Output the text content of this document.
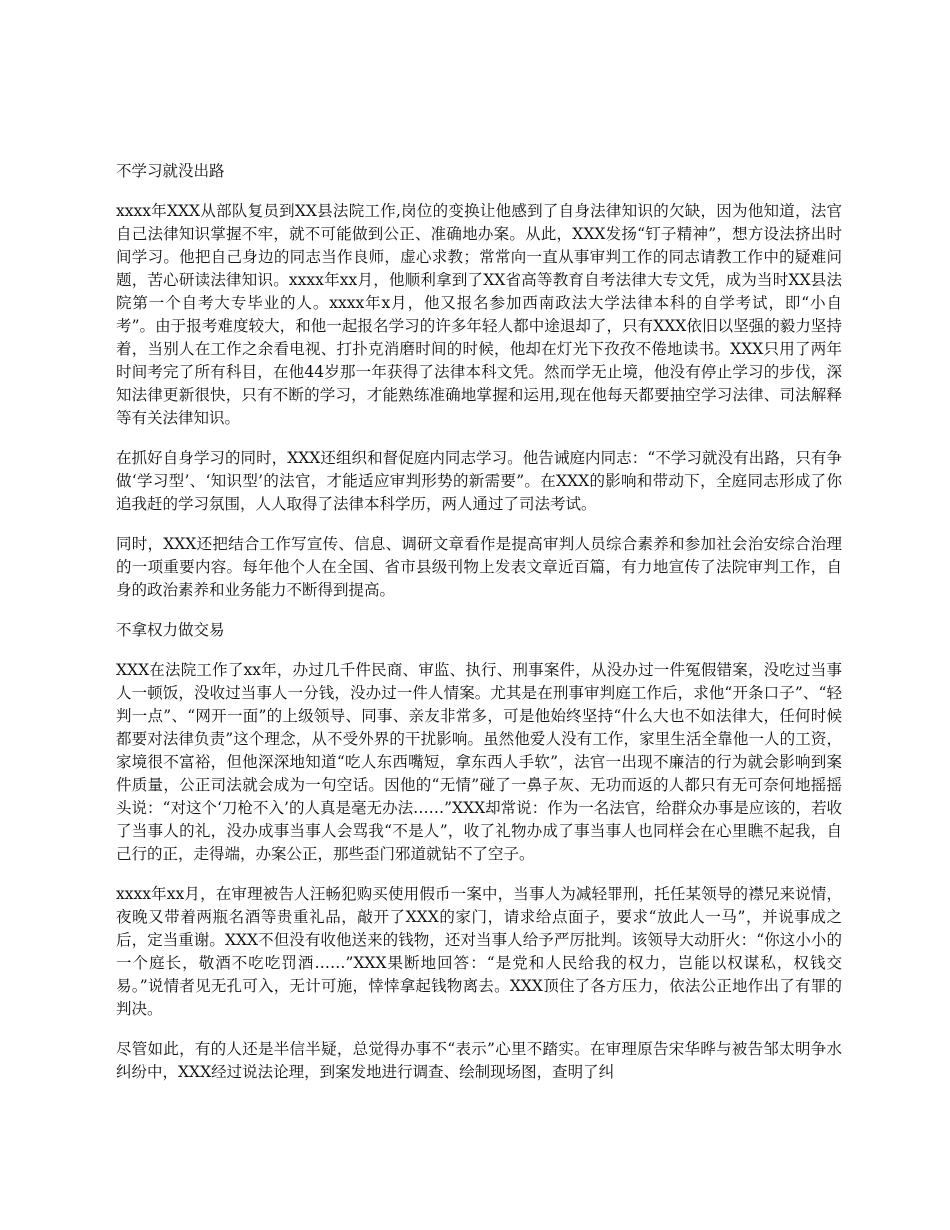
不学习就没出路

xxxx年XXX从部队复员到XX县法院工作,岗位的变换让他感到了自身法律知识的欠缺，因为他知道，法官自己法律知识掌握不牢，就不可能做到公正、准确地办案。从此，XXX发扬“钉子精神”，想方设法挤出时间学习。他把自己身边的同志当作良师，虚心求教；常常向一直从事审判工作的同志请教工作中的疑难问题，苦心研读法律知识。xxxx年xx月，他顺利拿到了XX省高等教育自考法律大专文凭，成为当时XX县法院第一个自考大专毕业的人。xxxx年x月，他又报名参加西南政法大学法律本科的自学考试，即“小自考”。由于报考难度较大，和他一起报名学习的许多年轻人都中途退却了，只有XXX依旧以坚强的毅力坚持着，当别人在工作之余看电视、打扑克消磨时间的时候，他却在灯光下孜孜不倦地读书。XXX只用了两年时间考完了所有科目，在他44岁那一年获得了法律本科文凭。然而学无止境，他没有停止学习的步伐，深知法律更新很快，只有不断的学习，才能熟练准确地掌握和运用,现在他每天都要抽空学习法律、司法解释等有关法律知识。

在抓好自身学习的同时，XXX还组织和督促庭内同志学习。他告诫庭内同志：“不学习就没有出路，只有争做‘学习型’、‘知识型’的法官，才能适应审判形势的新需要”。在XXX的影响和带动下，全庭同志形成了你追我赶的学习氛围，人人取得了法律本科学历，两人通过了司法考试。

同时，XXX还把结合工作写宣传、信息、调研文章看作是提高审判人员综合素养和参加社会治安综合治理的一项重要内容。每年他个人在全国、省市县级刊物上发表文章近百篇，有力地宣传了法院审判工作，自身的政治素养和业务能力不断得到提高。

不拿权力做交易

XXX在法院工作了xx年，办过几千件民商、审监、执行、刑事案件，从没办过一件冤假错案，没吃过当事人一顿饭，没收过当事人一分钱，没办过一件人情案。尤其是在刑事审判庭工作后，求他“开条口子”、“轻判一点”、“网开一面”的上级领导、同事、亲友非常多，可是他始终坚持“什么大也不如法律大，任何时候都要对法律负责”这个理念，从不受外界的干扰影响。虽然他爱人没有工作，家里生活全靠他一人的工资，家境很不富裕，但他深深地知道“吃人东西嘴短，拿东西人手软”，法官一出现不廉洁的行为就会影响到案件质量，公正司法就会成为一句空话。因他的“无情”碰了一鼻子灰、无功而返的人都只有无可奈何地摇摇头说：“对这个‘刀枪不入’的人真是毫无办法……”XXX却常说：作为一名法官，给群众办事是应该的，若收了当事人的礼，没办成事当事人会骂我“不是人”，收了礼物办成了事当事人也同样会在心里瞧不起我，自己行的正，走得端，办案公正，那些歪门邪道就钻不了空子。

xxxx年xx月，在审理被告人汪畅犯购买使用假币一案中，当事人为减轻罪刑，托任某领导的襟兄来说情，夜晚又带着两瓶名酒等贵重礼品，敲开了XXX的家门，请求给点面子，要求“放此人一马”，并说事成之后，定当重谢。XXX不但没有收他送来的钱物，还对当事人给予严厉批判。该领导大动肝火：“你这小小的一个庭长，敬酒不吃吃罚酒……”XXX果断地回答：“是党和人民给我的权力，岂能以权谋私，权钱交易。”说情者见无孔可入，无计可施，悻悻拿起钱物离去。XXX顶住了各方压力，依法公正地作出了有罪的判决。

尽管如此，有的人还是半信半疑，总觉得办事不“表示”心里不踏实。在审理原告宋华晔与被告邹太明争水纠纷中，XXX经过说法论理，到案发地进行调查、绘制现场图，查明了纠
